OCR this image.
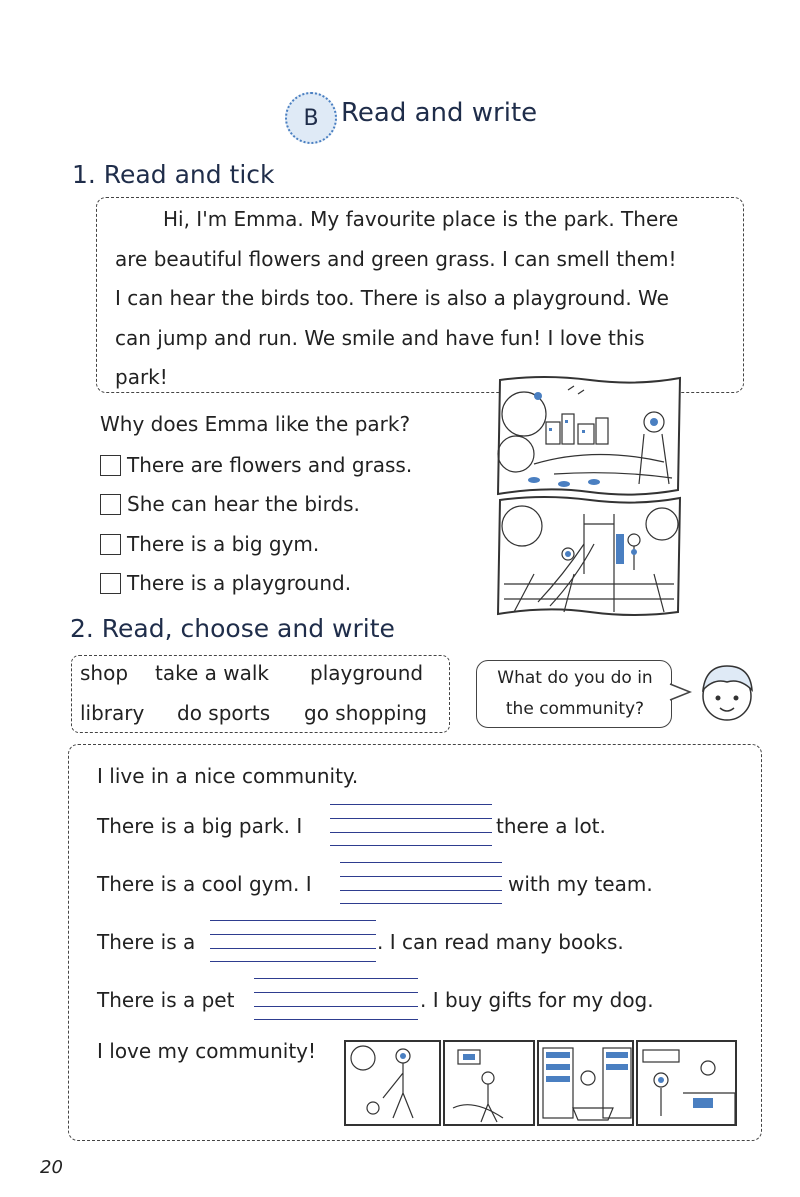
B Read and write
1. Read and tick
Hi, I'm Emma. My favourite place is the park. There
are beautiful flowers and green grass. I can smell them!
I can hear the birds too. There is also a playground. We
can jump and run. We smile and have fun! I love this
park!
Why does Emma like the park?
There are flowers and grass.
She can hear the birds.
There is a big gym.
There is a playground.
2. Read, choose and write
shop take a walk playground
library do sports go shopping
What do you do in
the community?
I live in a nice community.
There is a big park. I	there a lot.
There is a cool gym. I	with my team.
There is a	. I can read many books.
There is a pet	. I buy gifts for my dog.
I love my community!
20
